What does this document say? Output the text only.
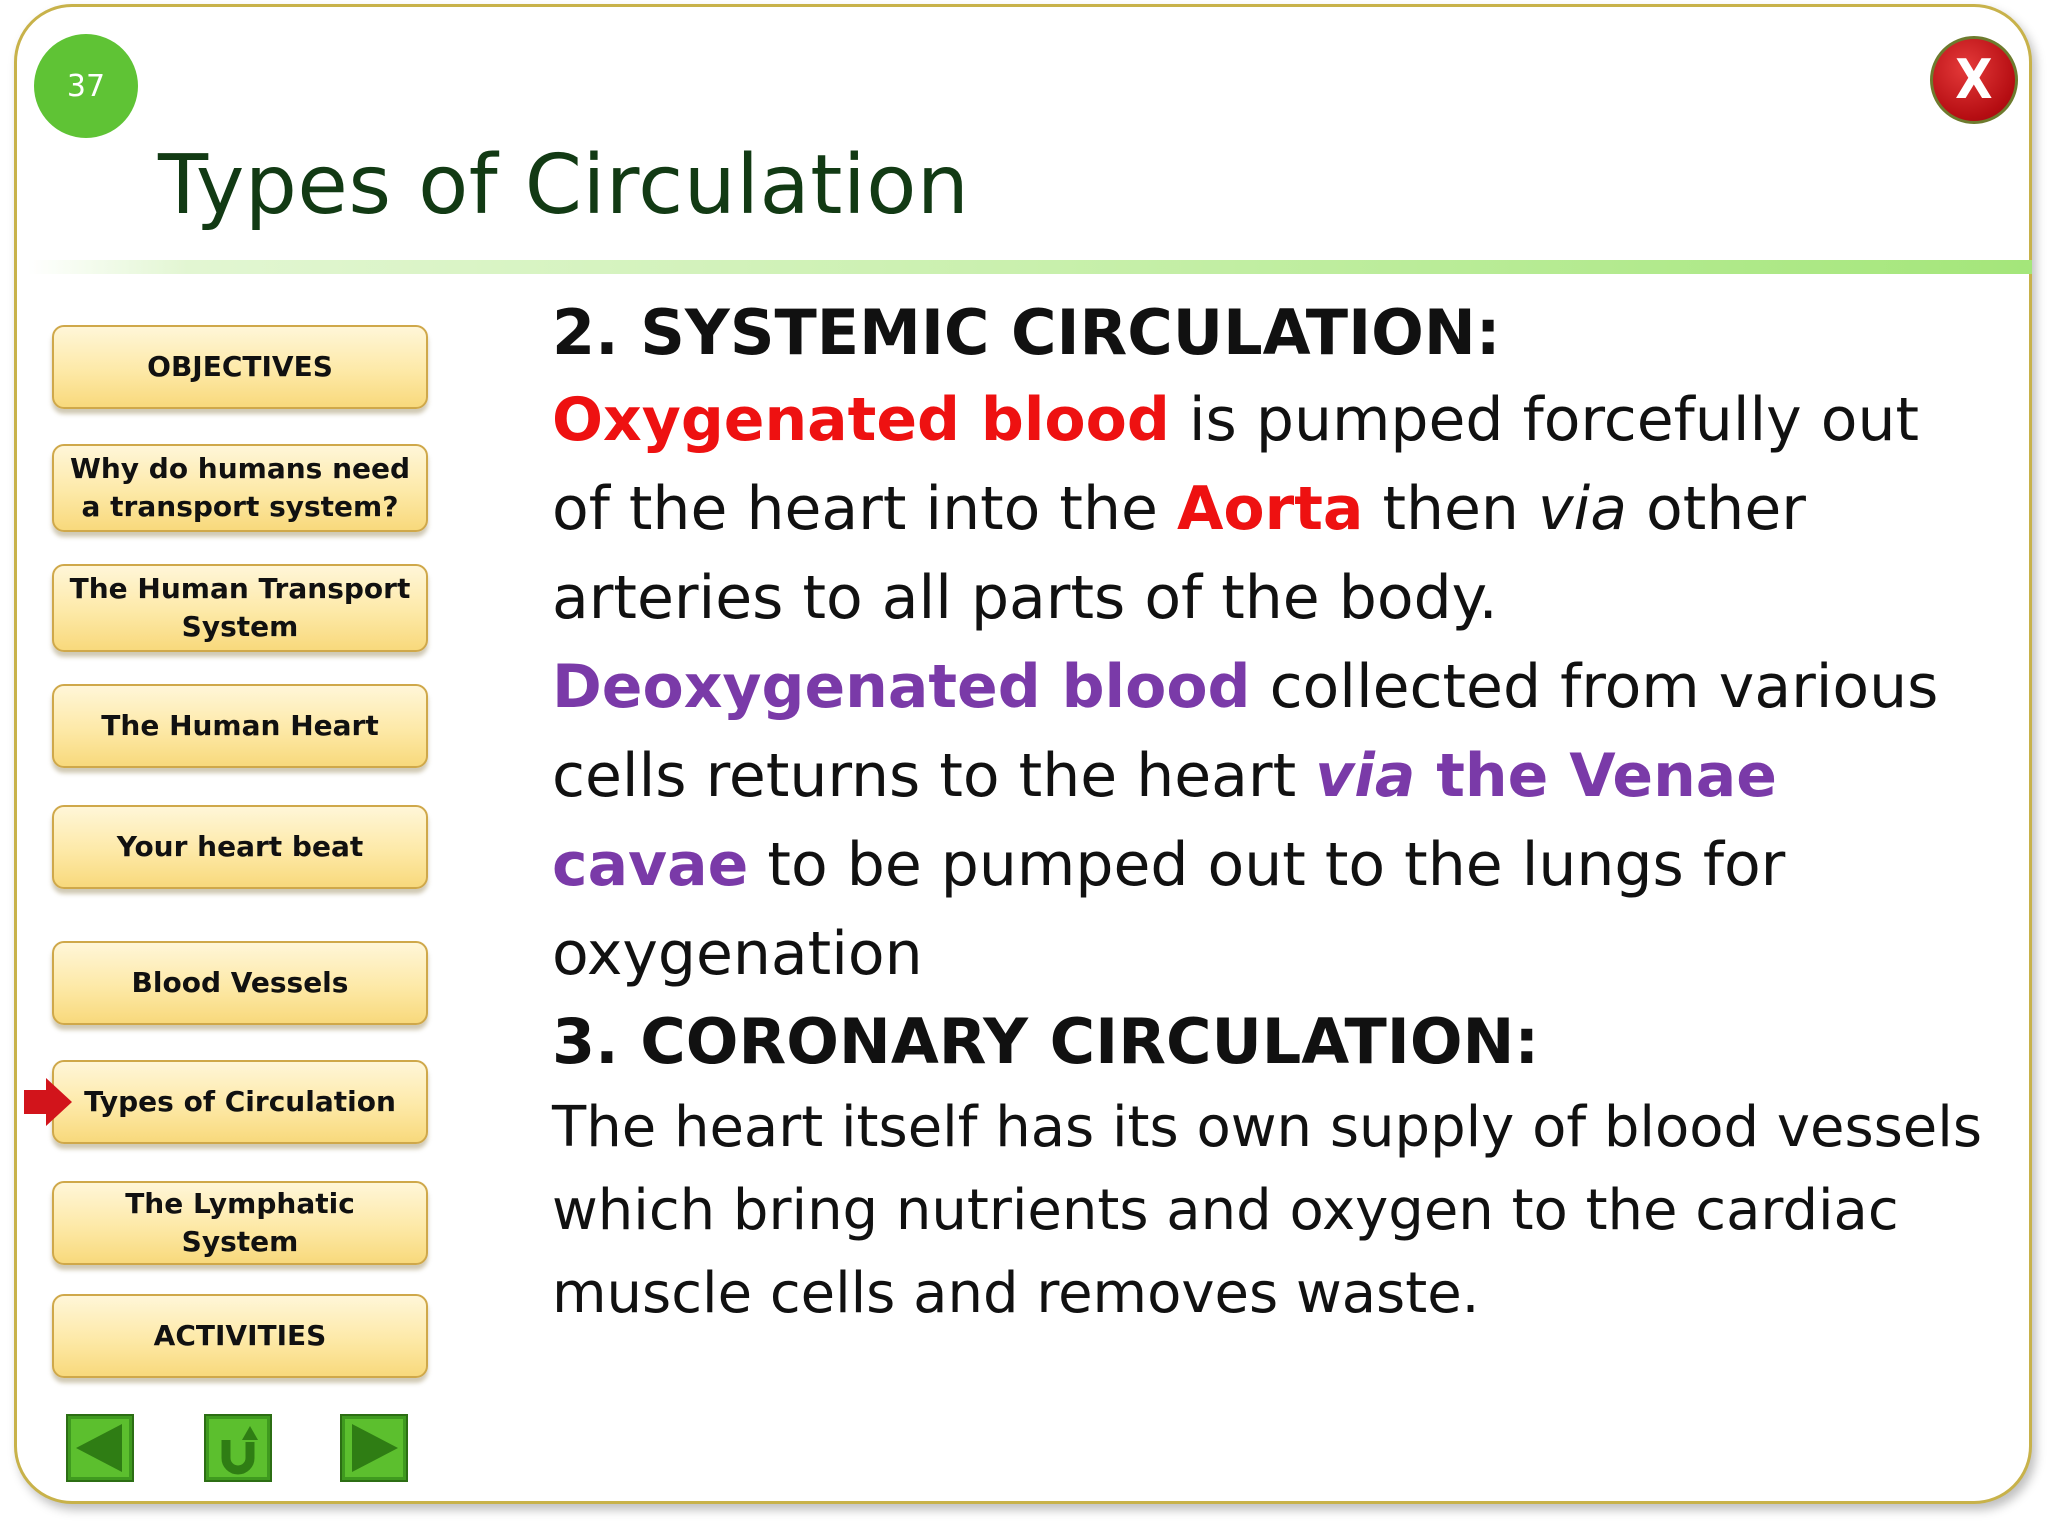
37	X
Types of Circulation
OBJECTIVES
Why do humans need a transport system?
The Human Transport System
The Human Heart
Your heart beat
Blood Vessels
Types of Circulation
The Lymphatic System
ACTIVITIES
2. SYSTEMIC CIRCULATION:

Oxygenated blood is pumped forcefully out of the heart into the Aorta then via other arteries to all parts of the body.

Deoxygenated blood collected from various cells returns to the heart via the Venae cavae to be pumped out to the lungs for oxygenation

3. CORONARY CIRCULATION:

The heart itself has its own supply of blood vessels which bring nutrients and oxygen to the cardiac muscle cells and removes waste.
